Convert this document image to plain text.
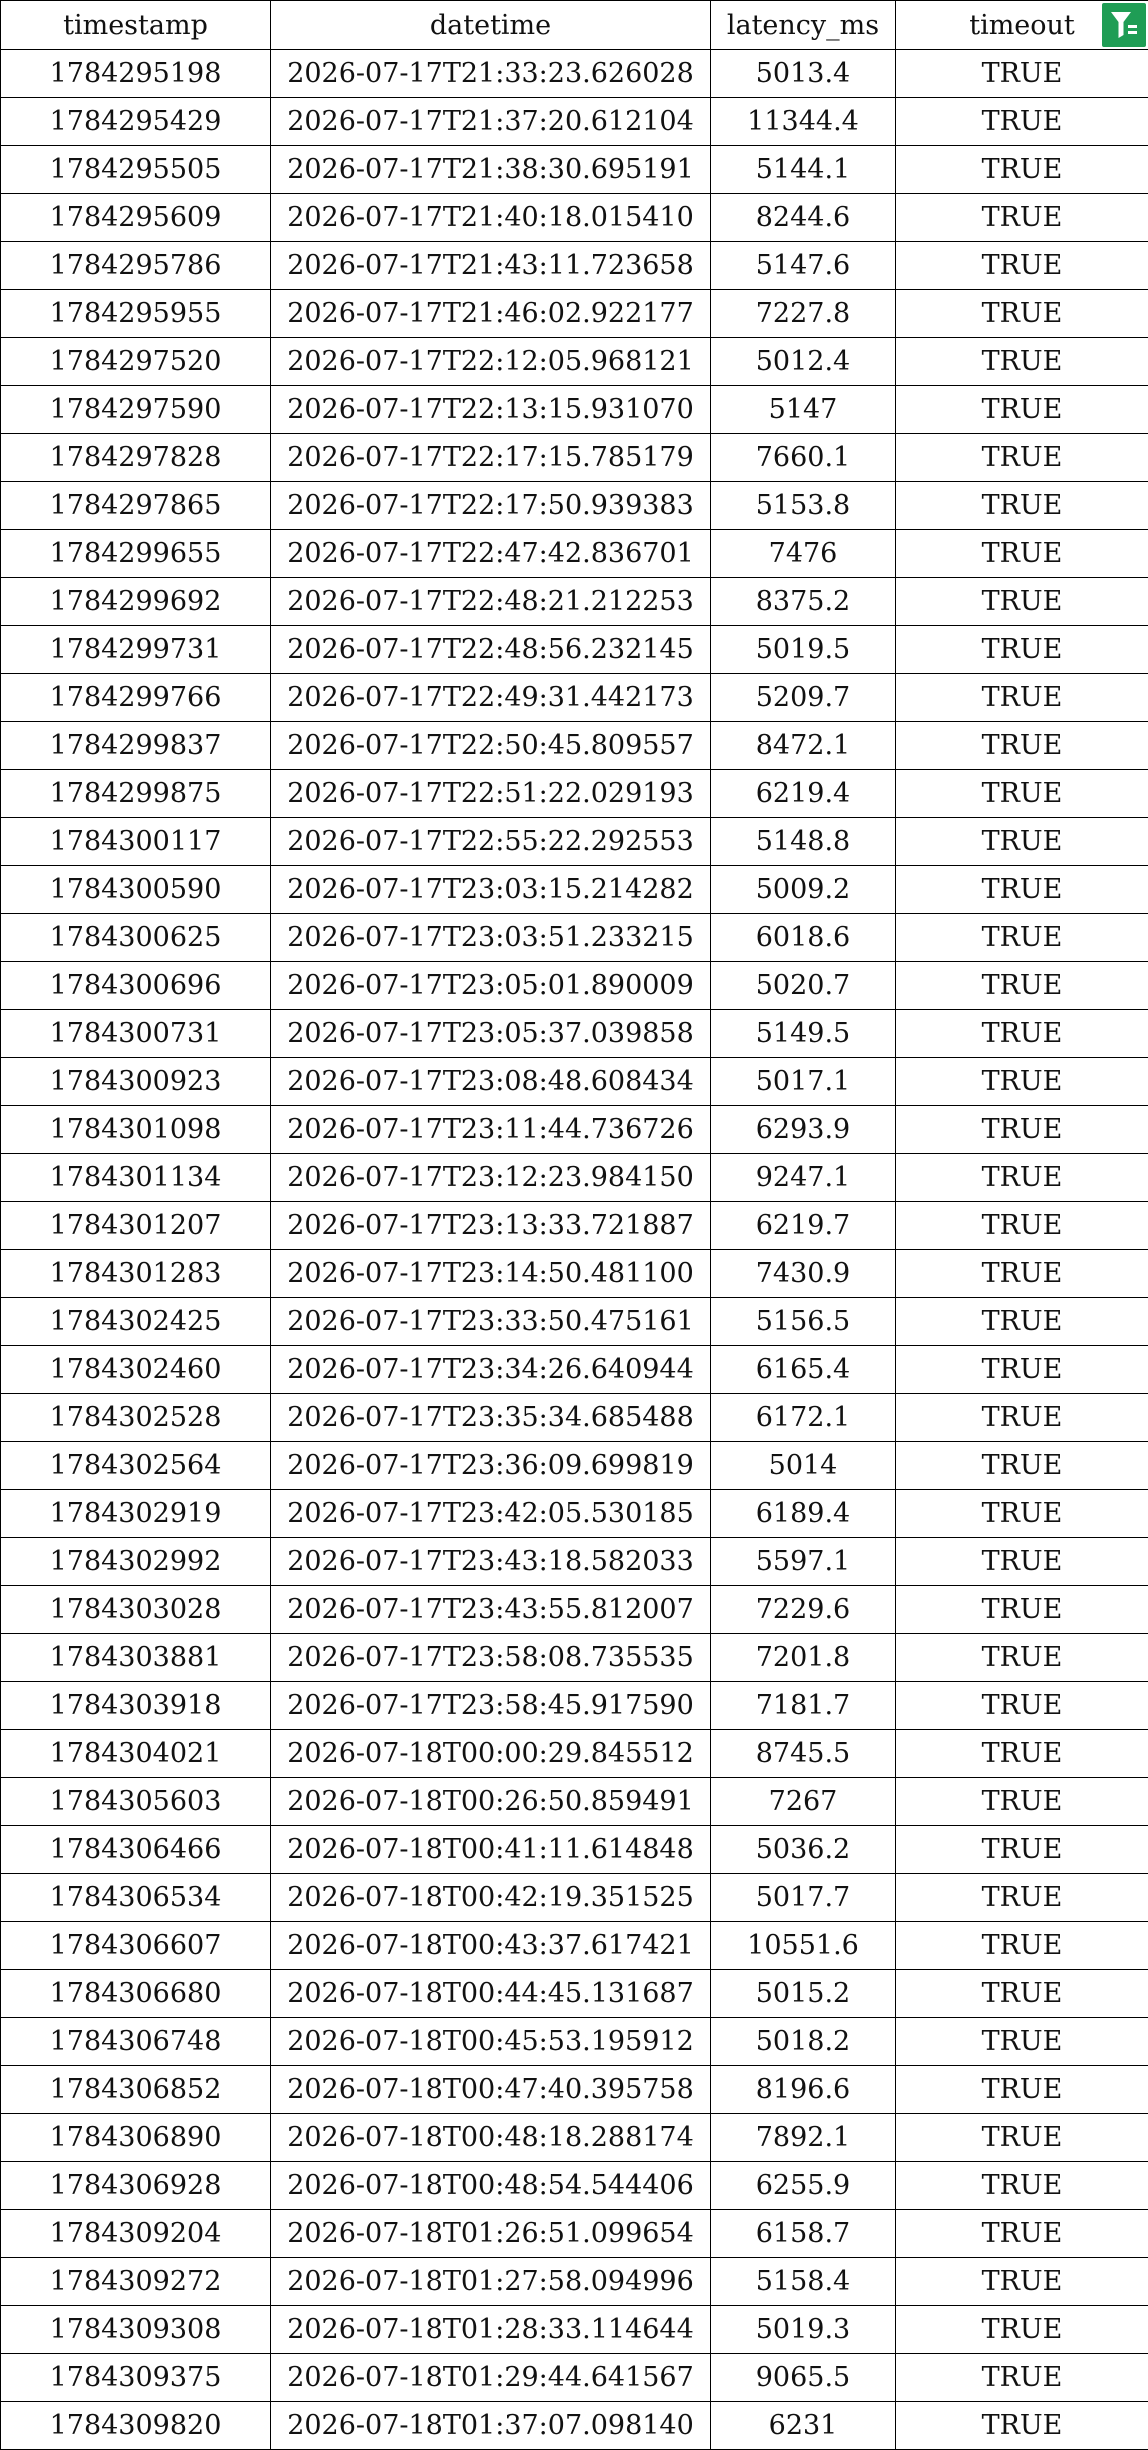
timestamp	datetime	latency_ms	timeout

1784295198	2026-07-17T21:33:23.626028	5013.4	TRUE
1784295429	2026-07-17T21:37:20.612104	11344.4	TRUE
1784295505	2026-07-17T21:38:30.695191	5144.1	TRUE
1784295609	2026-07-17T21:40:18.015410	8244.6	TRUE
1784295786	2026-07-17T21:43:11.723658	5147.6	TRUE
1784295955	2026-07-17T21:46:02.922177	7227.8	TRUE
1784297520	2026-07-17T22:12:05.968121	5012.4	TRUE
1784297590	2026-07-17T22:13:15.931070	5147	TRUE
1784297828	2026-07-17T22:17:15.785179	7660.1	TRUE
1784297865	2026-07-17T22:17:50.939383	5153.8	TRUE
1784299655	2026-07-17T22:47:42.836701	7476	TRUE
1784299692	2026-07-17T22:48:21.212253	8375.2	TRUE
1784299731	2026-07-17T22:48:56.232145	5019.5	TRUE
1784299766	2026-07-17T22:49:31.442173	5209.7	TRUE
1784299837	2026-07-17T22:50:45.809557	8472.1	TRUE
1784299875	2026-07-17T22:51:22.029193	6219.4	TRUE
1784300117	2026-07-17T22:55:22.292553	5148.8	TRUE
1784300590	2026-07-17T23:03:15.214282	5009.2	TRUE
1784300625	2026-07-17T23:03:51.233215	6018.6	TRUE
1784300696	2026-07-17T23:05:01.890009	5020.7	TRUE
1784300731	2026-07-17T23:05:37.039858	5149.5	TRUE
1784300923	2026-07-17T23:08:48.608434	5017.1	TRUE
1784301098	2026-07-17T23:11:44.736726	6293.9	TRUE
1784301134	2026-07-17T23:12:23.984150	9247.1	TRUE
1784301207	2026-07-17T23:13:33.721887	6219.7	TRUE
1784301283	2026-07-17T23:14:50.481100	7430.9	TRUE
1784302425	2026-07-17T23:33:50.475161	5156.5	TRUE
1784302460	2026-07-17T23:34:26.640944	6165.4	TRUE
1784302528	2026-07-17T23:35:34.685488	6172.1	TRUE
1784302564	2026-07-17T23:36:09.699819	5014	TRUE
1784302919	2026-07-17T23:42:05.530185	6189.4	TRUE
1784302992	2026-07-17T23:43:18.582033	5597.1	TRUE
1784303028	2026-07-17T23:43:55.812007	7229.6	TRUE
1784303881	2026-07-17T23:58:08.735535	7201.8	TRUE
1784303918	2026-07-17T23:58:45.917590	7181.7	TRUE
1784304021	2026-07-18T00:00:29.845512	8745.5	TRUE
1784305603	2026-07-18T00:26:50.859491	7267	TRUE
1784306466	2026-07-18T00:41:11.614848	5036.2	TRUE
1784306534	2026-07-18T00:42:19.351525	5017.7	TRUE
1784306607	2026-07-18T00:43:37.617421	10551.6	TRUE
1784306680	2026-07-18T00:44:45.131687	5015.2	TRUE
1784306748	2026-07-18T00:45:53.195912	5018.2	TRUE
1784306852	2026-07-18T00:47:40.395758	8196.6	TRUE
1784306890	2026-07-18T00:48:18.288174	7892.1	TRUE
1784306928	2026-07-18T00:48:54.544406	6255.9	TRUE
1784309204	2026-07-18T01:26:51.099654	6158.7	TRUE
1784309272	2026-07-18T01:27:58.094996	5158.4	TRUE
1784309308	2026-07-18T01:28:33.114644	5019.3	TRUE
1784309375	2026-07-18T01:29:44.641567	9065.5	TRUE
1784309820	2026-07-18T01:37:07.098140	6231	TRUE
